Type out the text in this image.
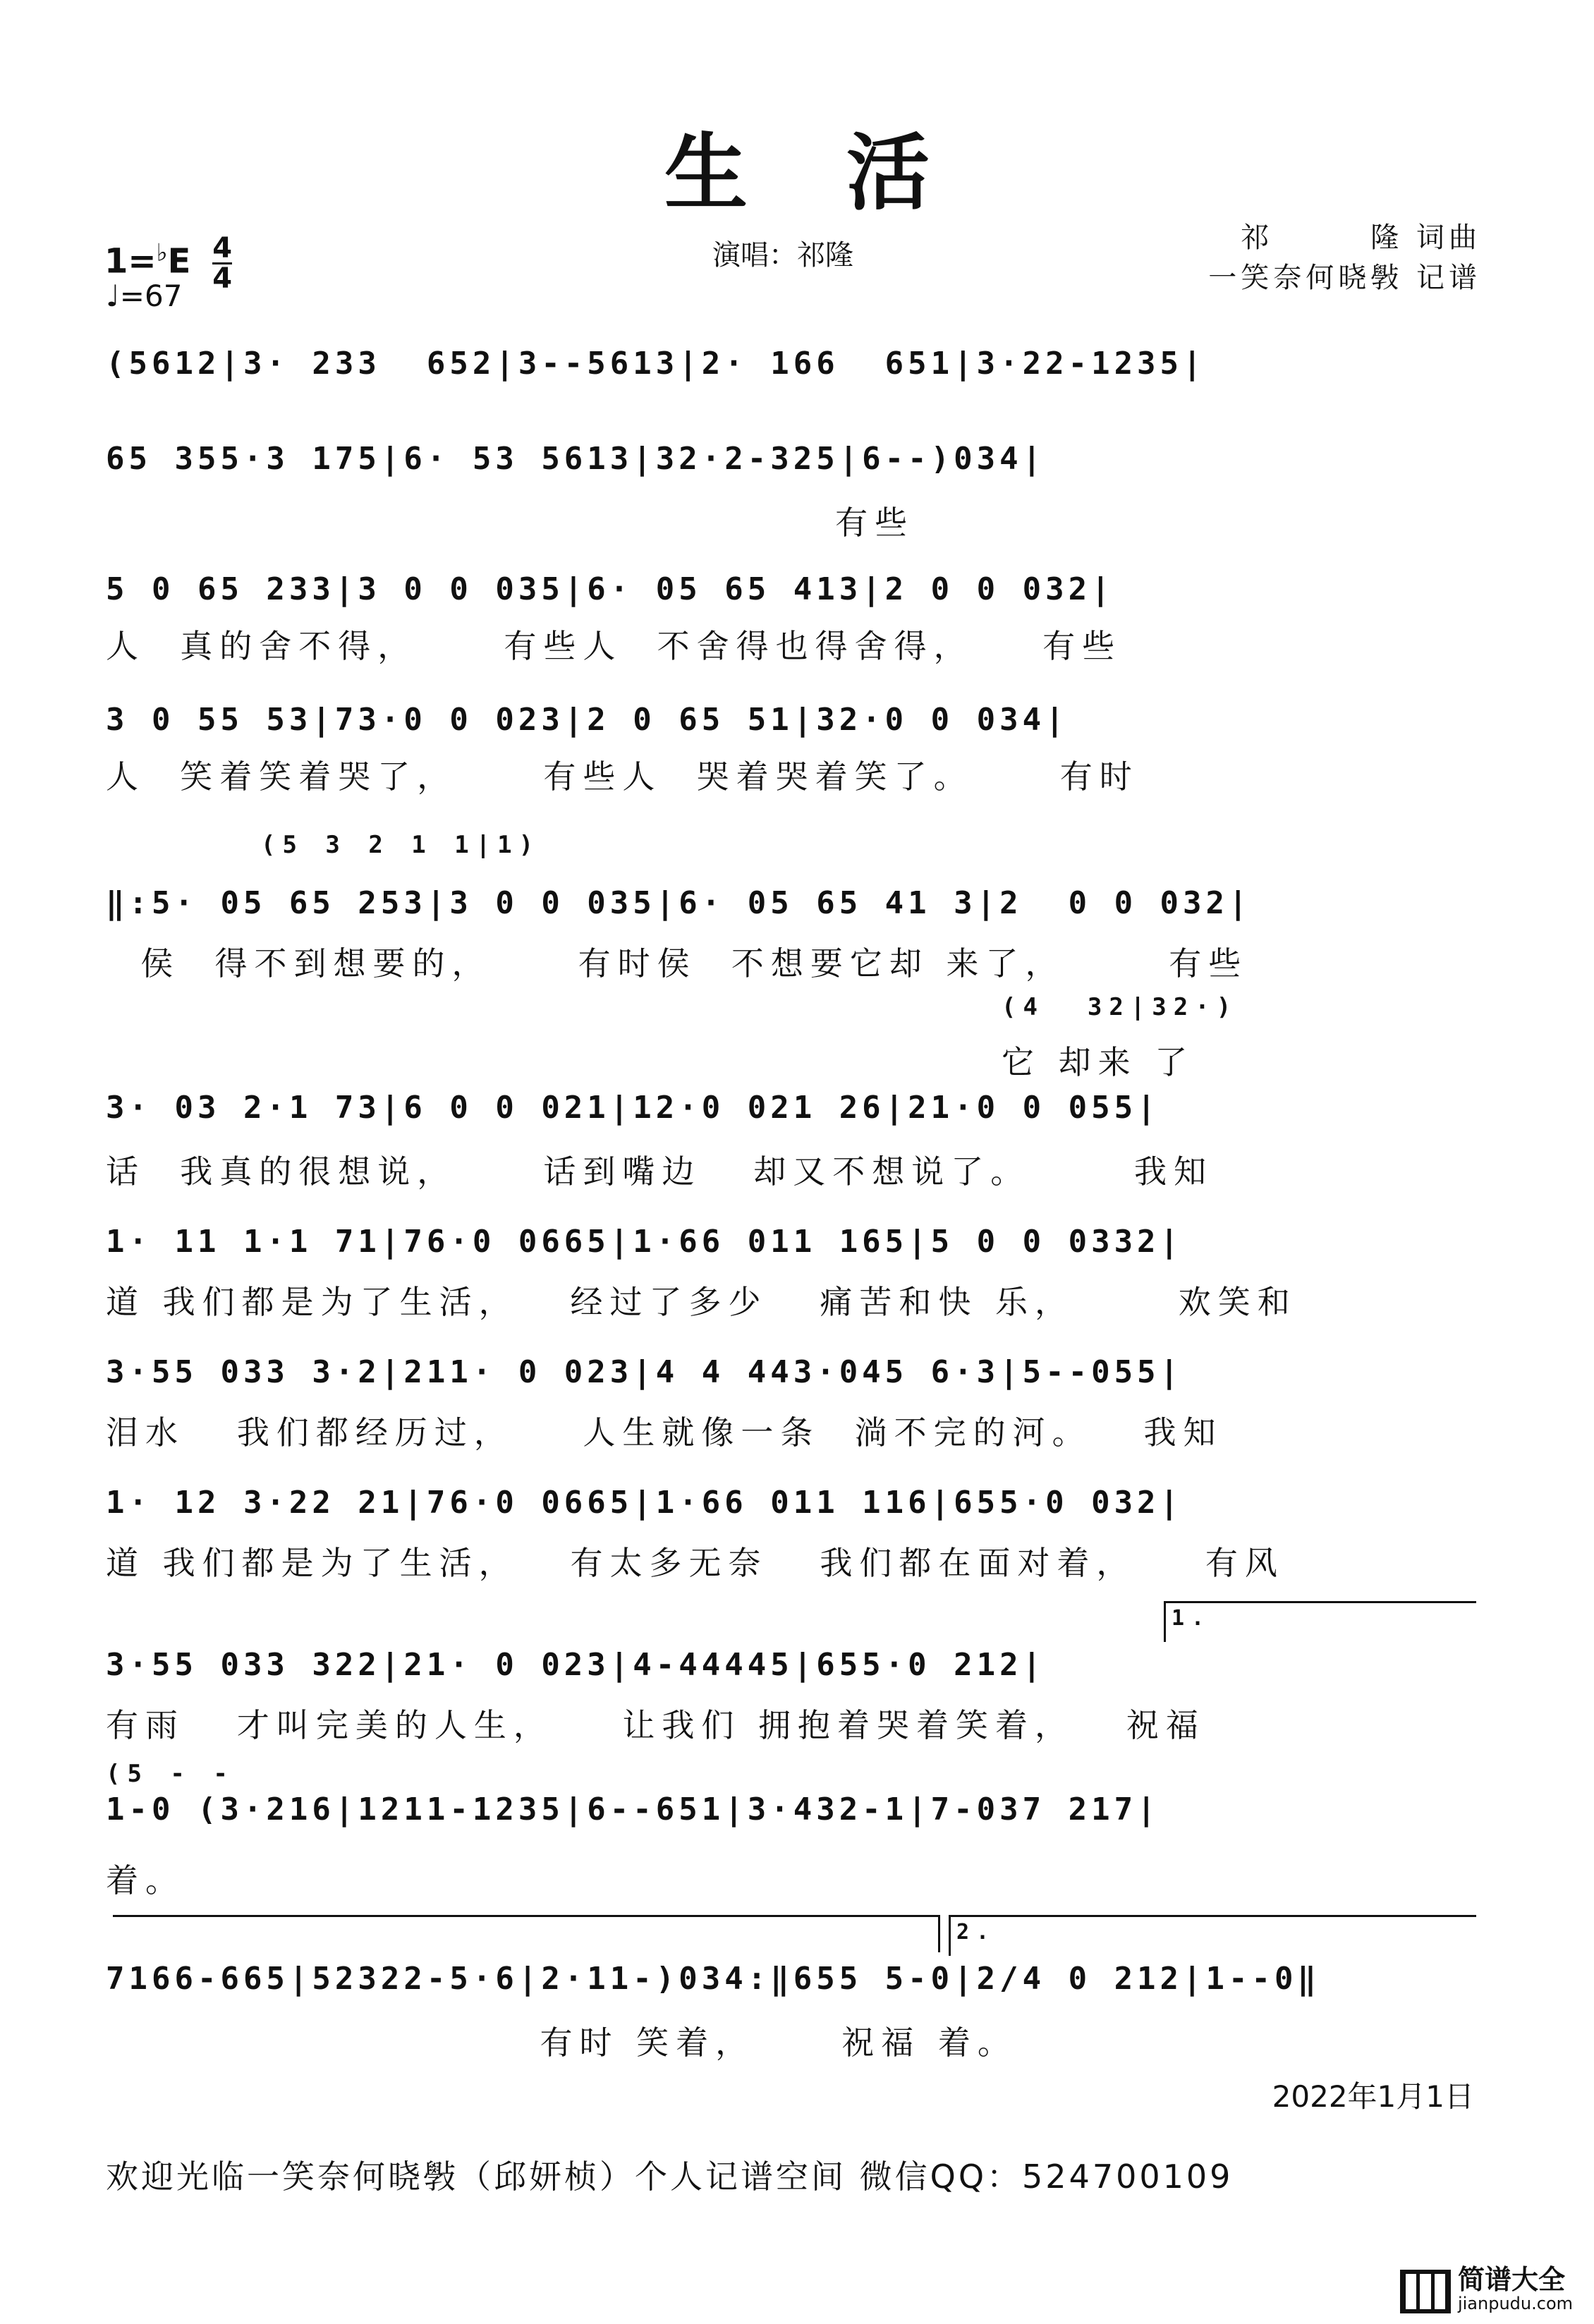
生活
$1=^♭E \frac{4}{4}$
♩=67
演唱：祁隆
祁　　　隆 词曲
一笑奈何晓斅 记谱
(5612|3· 233  652|3--5613|2· 166  651|3·22-1235|
65 355·3 175|6· 53 5613|32·2-325|6--)034|
有些
5 0 65 233|3 0 0 035|6· 05 65 413|2 0 0 032|
人  真的舍不得，     有些人  不舍得也得舍得，    有些
3 0 55 53|73·0 0 023|2 0 65 51|32·0 0 034|
人  笑着笑着哭了，     有些人  哭着哭着笑了。     有时
(5 3 2 1 1|1)
‖:5· 05 65 253|3 0 0 035|6· 05 65 41 3|2  0 0 032|
侯  得不到想要的，     有时侯  不想要它却 来了，      有些
(4  32|32·)
它 却来 了
3· 03 2·1 73|6 0 0 021|12·0 021 26|21·0 0 055|
话  我真的很想说，     话到嘴边   却又不想说了。      我知
1· 11 1·1 71|76·0 0665|1·66 011 165|5 0 0 0332|
道 我们都是为了生活，   经过了多少   痛苦和快 乐，      欢笑和
3·55 033 3·2|211· 0 023|4 4 443·045 6·3|5--055|
泪水   我们都经历过，    人生就像一条  淌不完的河。   我知
1· 12 3·22 21|76·0 0665|1·66 011 116|655·0 032|
道 我们都是为了生活，   有太多无奈   我们都在面对着，    有风
1.
3·55 033 322|21· 0 023|4-44445|655·0 212|
有雨   才叫完美的人生，    让我们 拥抱着哭着笑着，   祝福
(5 - -
1-0 (3·216|1211-1235|6--651|3·432-1|7-037 217|
着。
2.
7166-665|52322-5·6|2·11-)034:‖655 5-0|2/4 0 212|1--0‖
有时 笑着，     祝福 着。
2022年1月1日
欢迎光临一笑奈何晓斅（邱妍桢）个人记谱空间 微信QQ：524700109
简谱大全
jianpudu.com
